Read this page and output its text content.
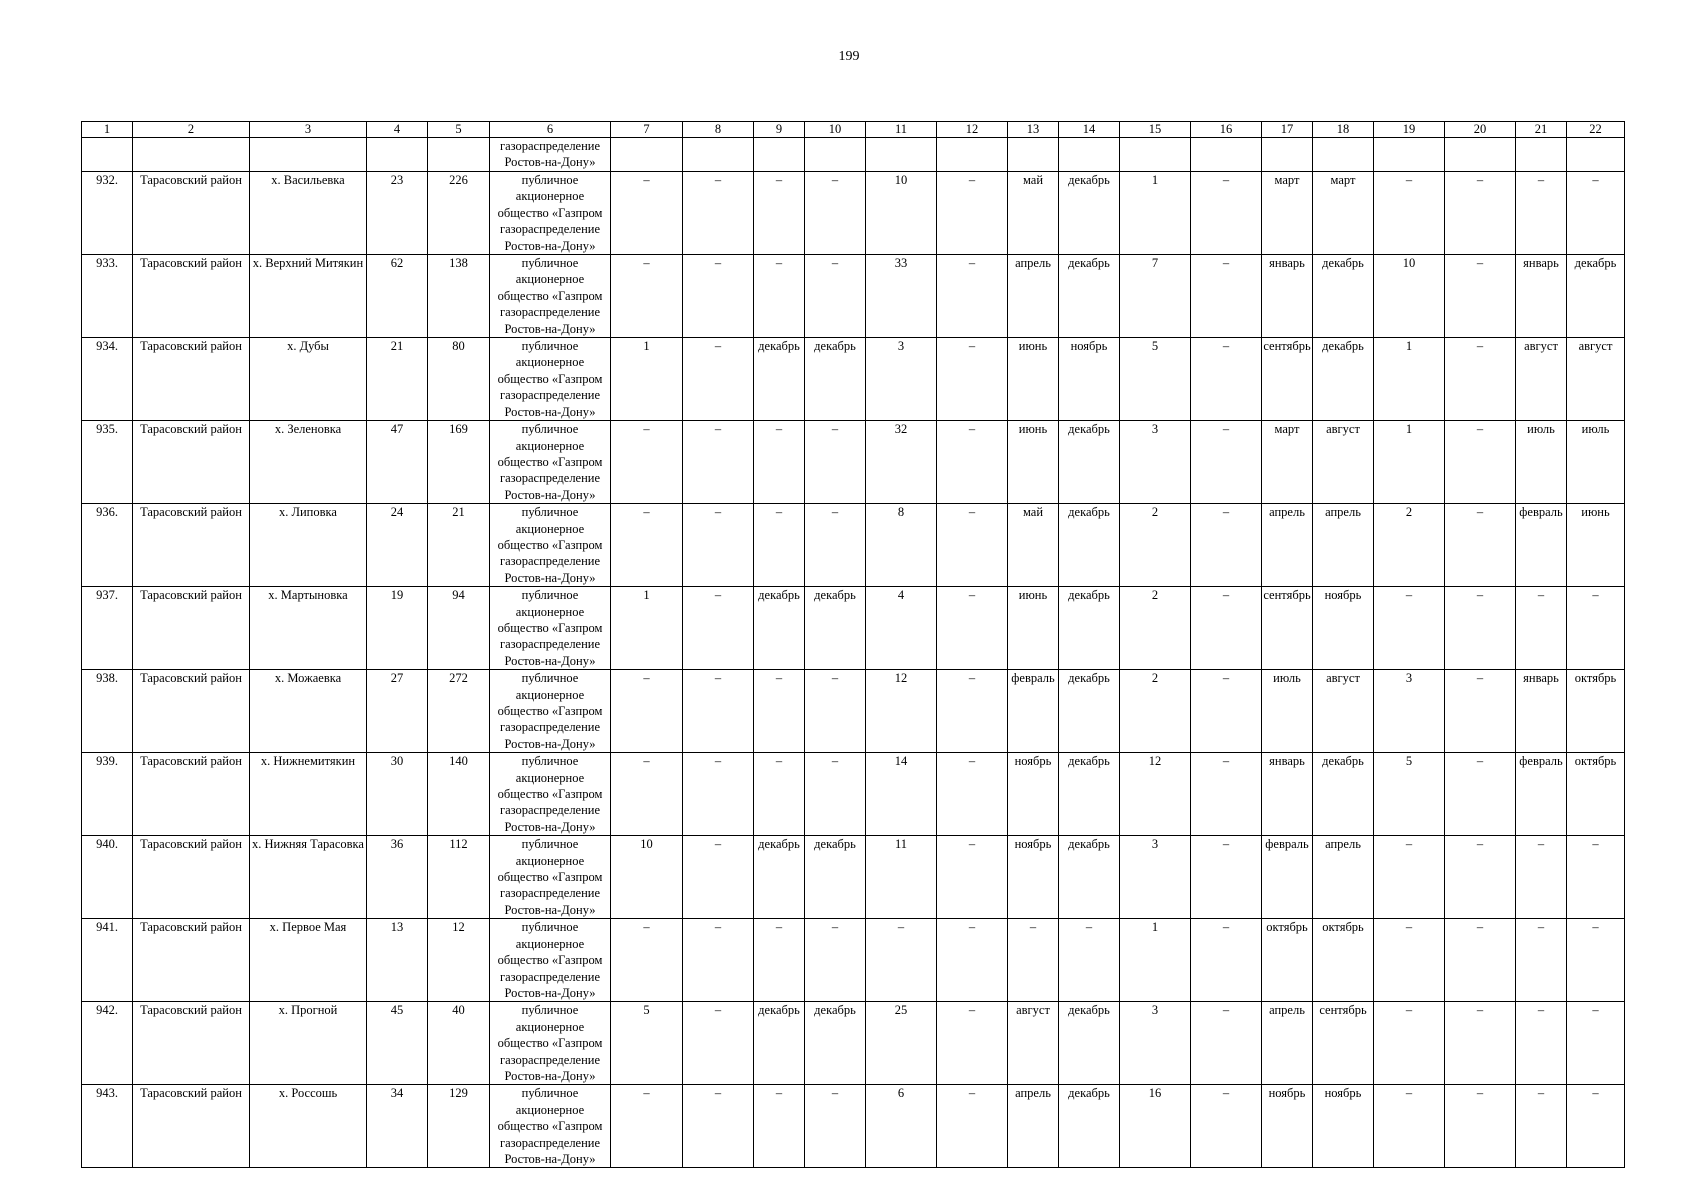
199
1	2	3	4	5	6	7	8	9	10	11	12	13	14	15	16	17	18	19	20	21	22
					газораспределение Ростов-на-Дону»																
932.	Тарасовский район	х. Васильевка	23	226	публичное акционерное общество «Газпром газораспределение Ростов-на-Дону»	–	–	–	–	10	–	май	декабрь	1	–	март	март	–	–	–	–
933.	Тарасовский район	х. Верхний Митякин	62	138	публичное акционерное общество «Газпром газораспределение Ростов-на-Дону»	–	–	–	–	33	–	апрель	декабрь	7	–	январь	декабрь	10	–	январь	декабрь
934.	Тарасовский район	х. Дубы	21	80	публичное акционерное общество «Газпром газораспределение Ростов-на-Дону»	1	–	декабрь	декабрь	3	–	июнь	ноябрь	5	–	сентябрь	декабрь	1	–	август	август
935.	Тарасовский район	х. Зеленовка	47	169	публичное акционерное общество «Газпром газораспределение Ростов-на-Дону»	–	–	–	–	32	–	июнь	декабрь	3	–	март	август	1	–	июль	июль
936.	Тарасовский район	х. Липовка	24	21	публичное акционерное общество «Газпром газораспределение Ростов-на-Дону»	–	–	–	–	8	–	май	декабрь	2	–	апрель	апрель	2	–	февраль	июнь
937.	Тарасовский район	х. Мартыновка	19	94	публичное акционерное общество «Газпром газораспределение Ростов-на-Дону»	1	–	декабрь	декабрь	4	–	июнь	декабрь	2	–	сентябрь	ноябрь	–	–	–	–
938.	Тарасовский район	х. Можаевка	27	272	публичное акционерное общество «Газпром газораспределение Ростов-на-Дону»	–	–	–	–	12	–	февраль	декабрь	2	–	июль	август	3	–	январь	октябрь
939.	Тарасовский район	х. Нижнемитякин	30	140	публичное акционерное общество «Газпром газораспределение Ростов-на-Дону»	–	–	–	–	14	–	ноябрь	декабрь	12	–	январь	декабрь	5	–	февраль	октябрь
940.	Тарасовский район	х. Нижняя Тарасовка	36	112	публичное акционерное общество «Газпром газораспределение Ростов-на-Дону»	10	–	декабрь	декабрь	11	–	ноябрь	декабрь	3	–	февраль	апрель	–	–	–	–
941.	Тарасовский район	х. Первое Мая	13	12	публичное акционерное общество «Газпром газораспределение Ростов-на-Дону»	–	–	–	–	–	–	–	–	1	–	октябрь	октябрь	–	–	–	–
942.	Тарасовский район	х. Прогной	45	40	публичное акционерное общество «Газпром газораспределение Ростов-на-Дону»	5	–	декабрь	декабрь	25	–	август	декабрь	3	–	апрель	сентябрь	–	–	–	–
943.	Тарасовский район	х. Россошь	34	129	публичное акционерное общество «Газпром газораспределение Ростов-на-Дону»	–	–	–	–	6	–	апрель	декабрь	16	–	ноябрь	ноябрь	–	–	–	–
